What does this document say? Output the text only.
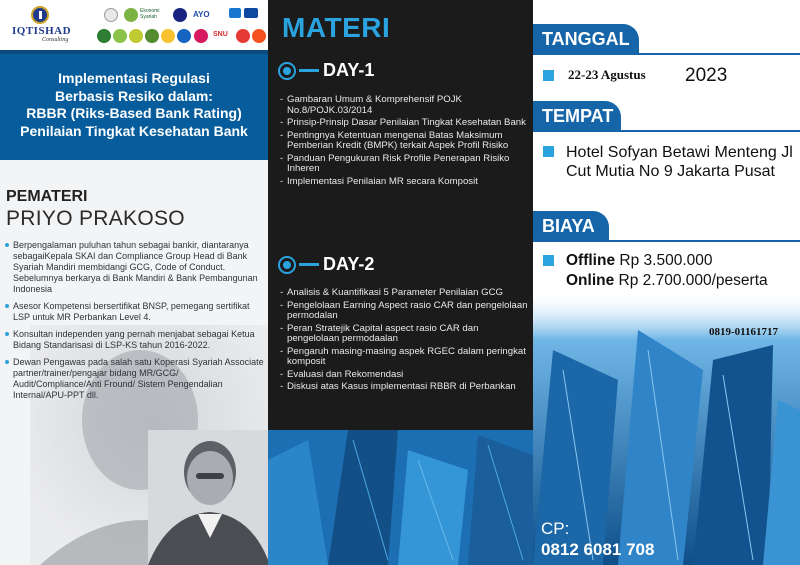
IQTISHAD
Consulting
Ekonomi Syariah	AYO
SNU
Implementasi Regulasi
Berbasis Resiko dalam:
RBBR (Riks-Based Bank Rating)
Penilaian Tingkat Kesehatan Bank
PEMATERI
PRIYO PRAKOSO
Berpengalaman puluhan tahun sebagai bankir, diantaranya sebagaiKepala SKAI dan Compliance Group Head di Bank Syariah Mandiri membidangi GCG, Code of Conduct. Sebelumnya berkarya di Bank Mandiri & Bank Pembangunan Indonesia
Asesor Kompetensi bersertifikat BNSP, pemegang sertifikat LSP untuk MR Perbankan Level 4.
Konsultan independen yang pernah menjabat sebagai Ketua Bidang Standarisasi di LSP-KS tahun 2016-2022.
Dewan Pengawas pada salah satu Koperasi Syariah Associate partner/trainer/pengajar bidang MR/GCG/ Audit/Compliance/Anti Fround/ Sistem Pengendalian Internal/APU-PPT dll.
MATERI
DAY-1
- Gambaran Umum & Komprehensif POJK No.8/POJK.03/2014
- Prinsip-Prinsip Dasar Penilaian Tingkat Kesehatan Bank
- Pentingnya Ketentuan mengenai Batas Maksimum Pemberian Kredit (BMPK) terkait Aspek Profil Risiko
- Panduan Pengukuran Risk Profile Penerapan Risiko Inheren
- Implementasi Penilaian MR secara Komposit
DAY-2
- Analisis & Kuantifikasi 5 Parameter Penilaian GCG
- Pengelolaan Earning Aspect rasio CAR dan pengelolaan permodalan
- Peran Stratejik Capital aspect rasio CAR dan pengelolaan permodaalan
- Pengaruh masing-masing aspek RGEC dalam peringkat komposit
- Evaluasi dan Rekomendasi
- Diskusi atas Kasus implementasi RBBR di Perbankan
TANGGAL
22-23 Agustus 2023
TEMPAT
Hotel Sofyan Betawi Menteng Jl Cut Mutia No 9 Jakarta Pusat
BIAYA
Offline Rp 3.500.000
Online Rp 2.700.000/peserta
0819-01161717
CP:
0812 6081 708
